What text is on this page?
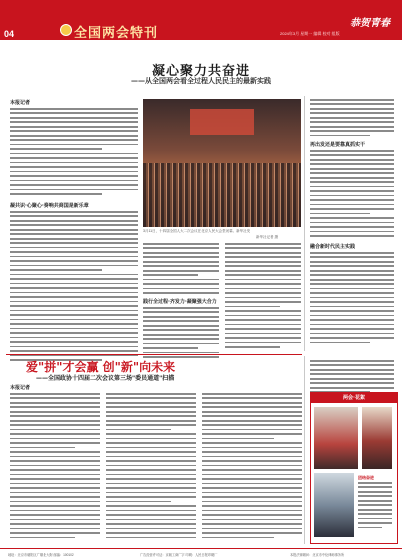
04	全国两会特刊	2024年3月 星期一 编辑 校对 组版
恭贺青春
凝心聚力共奋进
——从全国两会看全过程人民民主的最新实践
本报记者
凝共识·心聚心·奏响共商国是新乐章
3月11日，十四届全国人大二次会议在北京人民大会堂闭幕。新华社发
新华社记者 摄
践行全过程·齐发力·凝聚强大合力
再出发还是要靠真抓实干
融合新时代民主实践
爱"拼"才会赢 创"新"向未来
——全国政协十四届二次会议第三场"委员通道"扫描
本报记者
两会·花絮
团结奋进
地址：北京市朝阳区广顺北大街 邮编：100102	广告经营许可证：京朝工商广字 印刷：人民日报印刷厂	本报法律顾问：北京市中伦律师事务所
